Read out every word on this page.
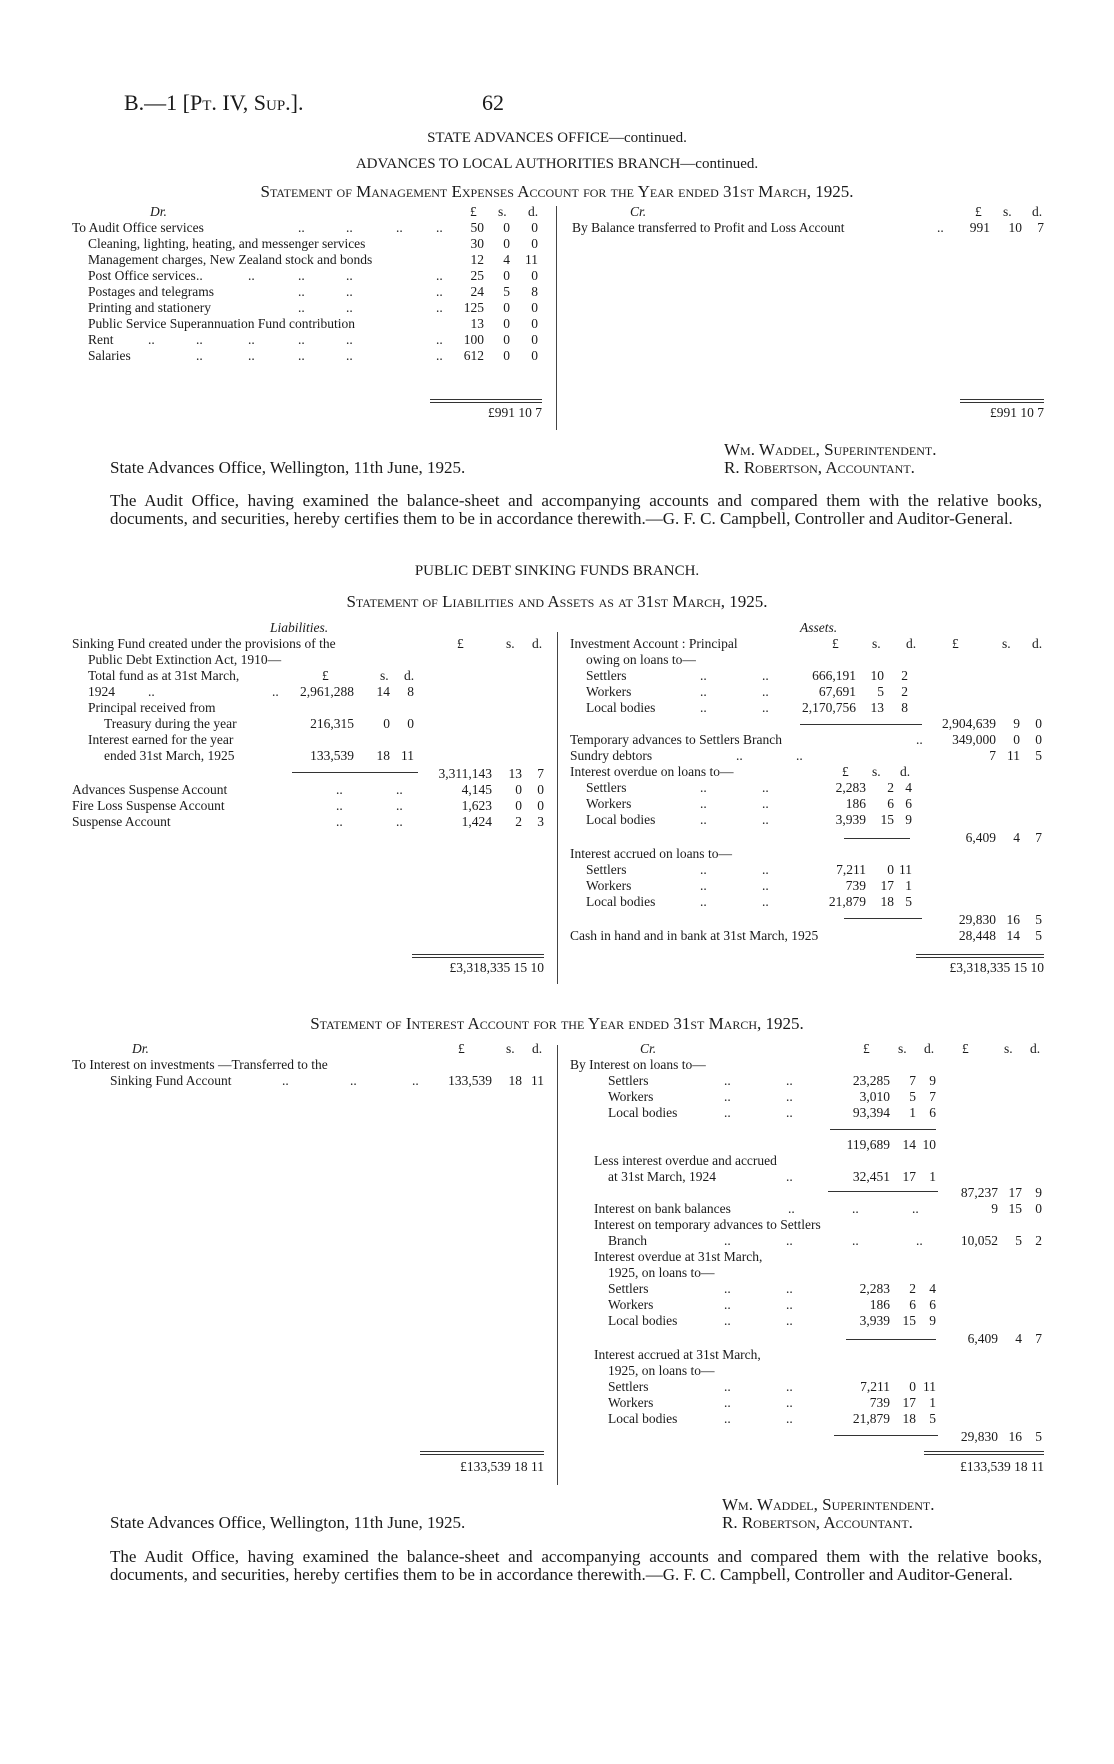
B.—1 [Pt. IV, Sup.].	62
STATE ADVANCES OFFICE—continued.
ADVANCES TO LOCAL AUTHORITIES BRANCH—continued.
Statement of Management Expenses Account for the Year ended 31st March, 1925.
Dr.	£ s. d.
To Audit Office services	..	..	.. ..	50	0	0
Cleaning, lighting, heating, and messenger services	30	0	0
Management charges, New Zealand stock and bonds	12	4	11
Post Office services ..	..	..	..	..	25	0	0
Postages and telegrams	..	..	..	24	5	8
Printing and stationery	..	..	..	125	0	0
Public Service Superannuation Fund contribution	13	0	0
Rent	..	..	..	..	..	..	100	0	0
Salaries	..	..	..	..	..	612	0	0
£991 10 7
Cr.	£ s. d.
By Balance transferred to Profit and Loss Account	..	991	10	7
£991 10 7
State Advances Office, Wellington, 11th June, 1925.
Wm. Waddel, Superintendent.
R. Robertson, Accountant.
The Audit Office, having examined the balance-sheet and accompanying accounts and compared them with the relative books, documents, and securities, hereby certifies them to be in accordance therewith.—G. F. C. Campbell, Controller and Auditor-General.
PUBLIC DEBT SINKING FUNDS BRANCH.
Statement of Liabilities and Assets as at 31st March, 1925.
Liabilities.
£	s. d.
Sinking Fund created under the provisions of the
Public Debt Extinction Act, 1910—
Total fund as at 31st March,	£	s. d.
1924 ..	..	2,961,288	14	8
Principal received from
Treasury during the year	216,315	0	0
Interest earned for the year
ended 31st March, 1925	133,539	18 11
3,311,143	13	7
Advances Suspense Account	..	..	4,145	0	0
Fire Loss Suspense Account	..	..	1,623	0	0
Suspense Account	..	..	1,424	2	3
£3,318,335 15 10
Assets.
Investment Account : Principal	£ s. d.	£	s. d.
owing on loans to—
Settlers	..	..	666,191	10	2
Workers	..	..	67,691	5	2
Local bodies	..	..	2,170,756	13	8
2,904,639	9	0
Temporary advances to Settlers Branch	..	349,000	0	0
Sundry debtors	..	..	7 11	5
Interest overdue on loans to—	£ s. d.
Settlers	..	..	2,283	2 4
Workers	..	..	186	6 6
Local bodies	..	..	3,939	15 9
6,409	4	7
Interest accrued on loans to—
Settlers	..	..	7,211	0 11
Workers	..	..	739	17 1
Local bodies	..	..	21,879	18 5
29,830 16	5
Cash in hand and in bank at 31st March, 1925	28,448 14	5
£3,318,335 15 10
Statement of Interest Account for the Year ended 31st March, 1925.
Dr.	£	s. d.
To Interest on investments —Transferred to the
Sinking Fund Account	..	..	..	133,539	18 11
£133,539 18 11
Cr.	£ s. d. £	s. d.
By Interest on loans to—
Settlers	..	..	23,285	7 9
Workers	..	..	3,010	5 7
Local bodies	..	..	93,394	1 6
119,689 14 10
Less interest overdue and accrued
at 31st March, 1924	..	32,451 17 1
87,237 17 9
Interest on bank balances	..	..	..	9 15 0
Interest on temporary advances to Settlers
Branch	..	..	..	..	10,052	5 2
Interest overdue at 31st March,
1925, on loans to—
Settlers	..	..	2,283	2 4
Workers	..	..	186	6 6
Local bodies	..	..	3,939 15 9
6,409	4 7
Interest accrued at 31st March,
1925, on loans to—
Settlers	..	..	7,211	0 11
Workers	..	..	739 17 1
Local bodies	..	..	21,879 18 5
29,830 16 5
£133,539 18 11
State Advances Office, Wellington, 11th June, 1925.
Wm. Waddel, Superintendent.
R. Robertson, Accountant.
The Audit Office, having examined the balance-sheet and accompanying accounts and compared them with the relative books, documents, and securities, hereby certifies them to be in accordance therewith.—G. F. C. Campbell, Controller and Auditor-General.
